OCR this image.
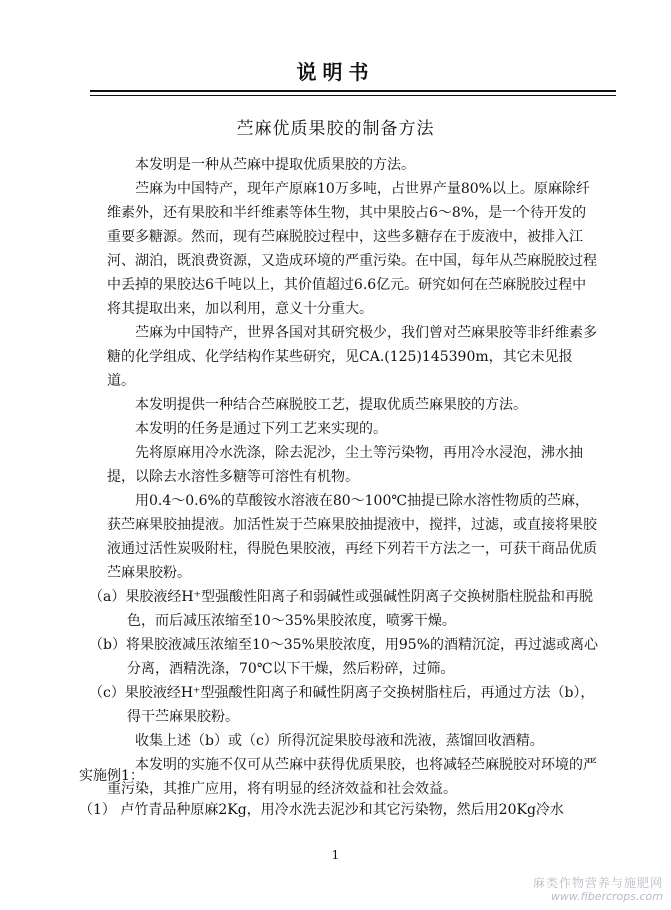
说明书
苎麻优质果胶的制备方法

本发明是一种从苎麻中提取优质果胶的方法。

苎麻为中国特产，现年产原麻10万多吨，占世界产量80%以上。原麻除纤维素外，还有果胶和半纤维素等体生物，其中果胶占6～8%，是一个待开发的重要多糖源。然而，现有苎麻脱胶过程中，这些多糖存在于废液中，被排入江河、湖泊，既浪费资源，又造成环境的严重污染。在中国，每年从苎麻脱胶过程中丢掉的果胶达6千吨以上，其价值超过6.6亿元。研究如何在苎麻脱胶过程中将其提取出来，加以利用，意义十分重大。

苎麻为中国特产，世界各国对其研究极少，我们曾对苎麻果胶等非纤维素多糖的化学组成、化学结构作某些研究，见CA.(125)145390m，其它未见报道。

本发明提供一种结合苎麻脱胶工艺，提取优质苎麻果胶的方法。

本发明的任务是通过下列工艺来实现的。

先将原麻用冷水洗涤，除去泥沙，尘土等污染物，再用冷水浸泡，沸水抽提，以除去水溶性多糖等可溶性有机物。

用0.4～0.6%的草酸铵水溶液在80～100℃抽提已除水溶性物质的苎麻，获苎麻果胶抽提液。加活性炭于苎麻果胶抽提液中，搅拌，过滤，或直接将果胶液通过活性炭吸附柱，得脱色果胶液，再经下列若干方法之一，可获干商品优质苎麻果胶粉。

（a）果胶液经H⁺型强酸性阳离子和弱碱性或强碱性阴离子交换树脂柱脱盐和再脱色，而后减压浓缩至10～35%果胶浓度，喷雾干燥。

（b）将果胶液减压浓缩至10～35%果胶浓度，用95%的酒精沉淀，再过滤或离心分离，酒精洗涤，70℃以下干燥，然后粉碎，过筛。

（c）果胶液经H⁺型强酸性阳离子和碱性阴离子交换树脂柱后，再通过方法（b），得干苎麻果胶粉。

收集上述（b）或（c）所得沉淀果胶母液和洗液，蒸馏回收酒精。

本发明的实施不仅可从苎麻中获得优质果胶，也将减轻苎麻脱胶对环境的严重污染，其推广应用，将有明显的经济效益和社会效益。

实施例1：
（1） 卢竹青品种原麻2Kg，用冷水洗去泥沙和其它污染物，然后用20Kg冷水
1
麻类作物营养与施肥网
www.fibercrops.com
